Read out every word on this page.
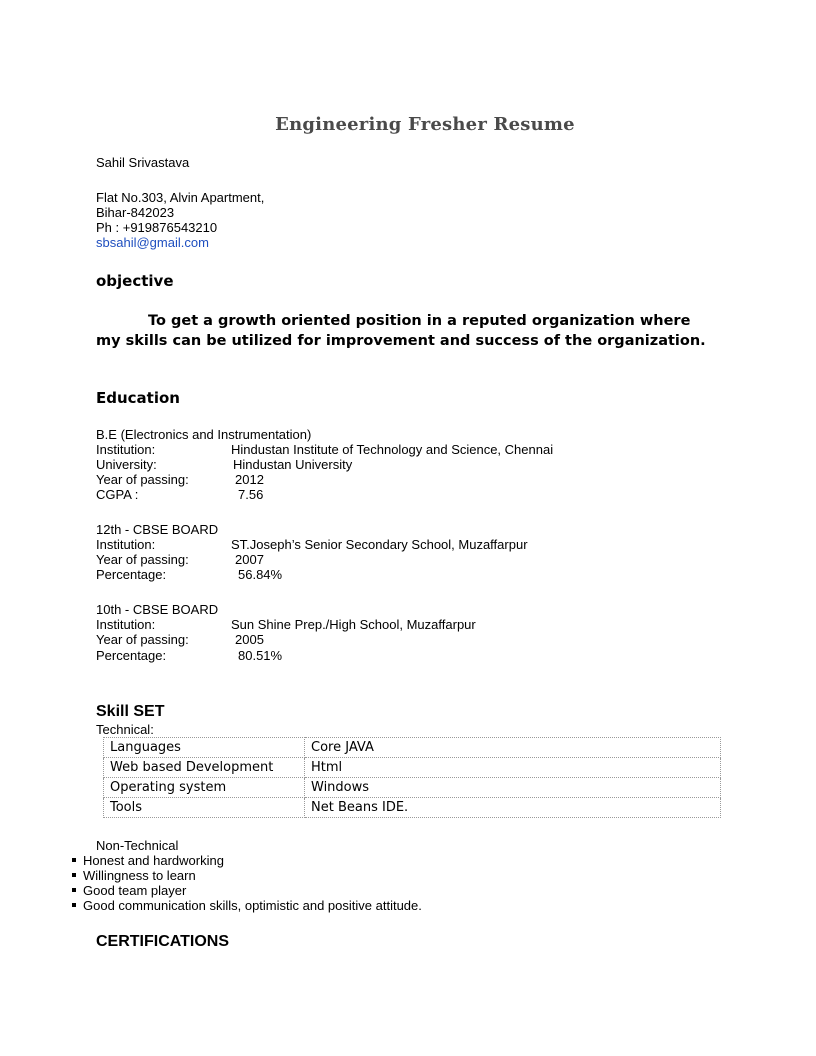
Engineering Fresher Resume
Sahil Srivastava
Flat No.303, Alvin Apartment,
Bihar-842023
Ph : +919876543210
sbsahil@gmail.com
objective
To get a growth oriented position in a reputed organization where my skills can be utilized for improvement and success of the organization.
Education
B.E (Electronics and Instrumentation)
Institution:	Hindustan Institute of Technology and Science, Chennai
University:	Hindustan University
Year of passing:	2012
CGPA :	7.56
12th - CBSE BOARD
Institution:	ST.Joseph’s Senior Secondary School, Muzaffarpur
Year of passing:	2007
Percentage:	56.84%
10th - CBSE BOARD
Institution:	Sun Shine Prep./High School, Muzaffarpur
Year of passing:	2005
Percentage:	80.51%
Skill SET
Technical:
Languages	Core JAVA
Web based Development	Html
Operating system	Windows
Tools	Net Beans IDE.
Non-Technical
Honest and hardworking
Willingness to learn
Good team player
Good communication skills, optimistic and positive attitude.
CERTIFICATIONS
